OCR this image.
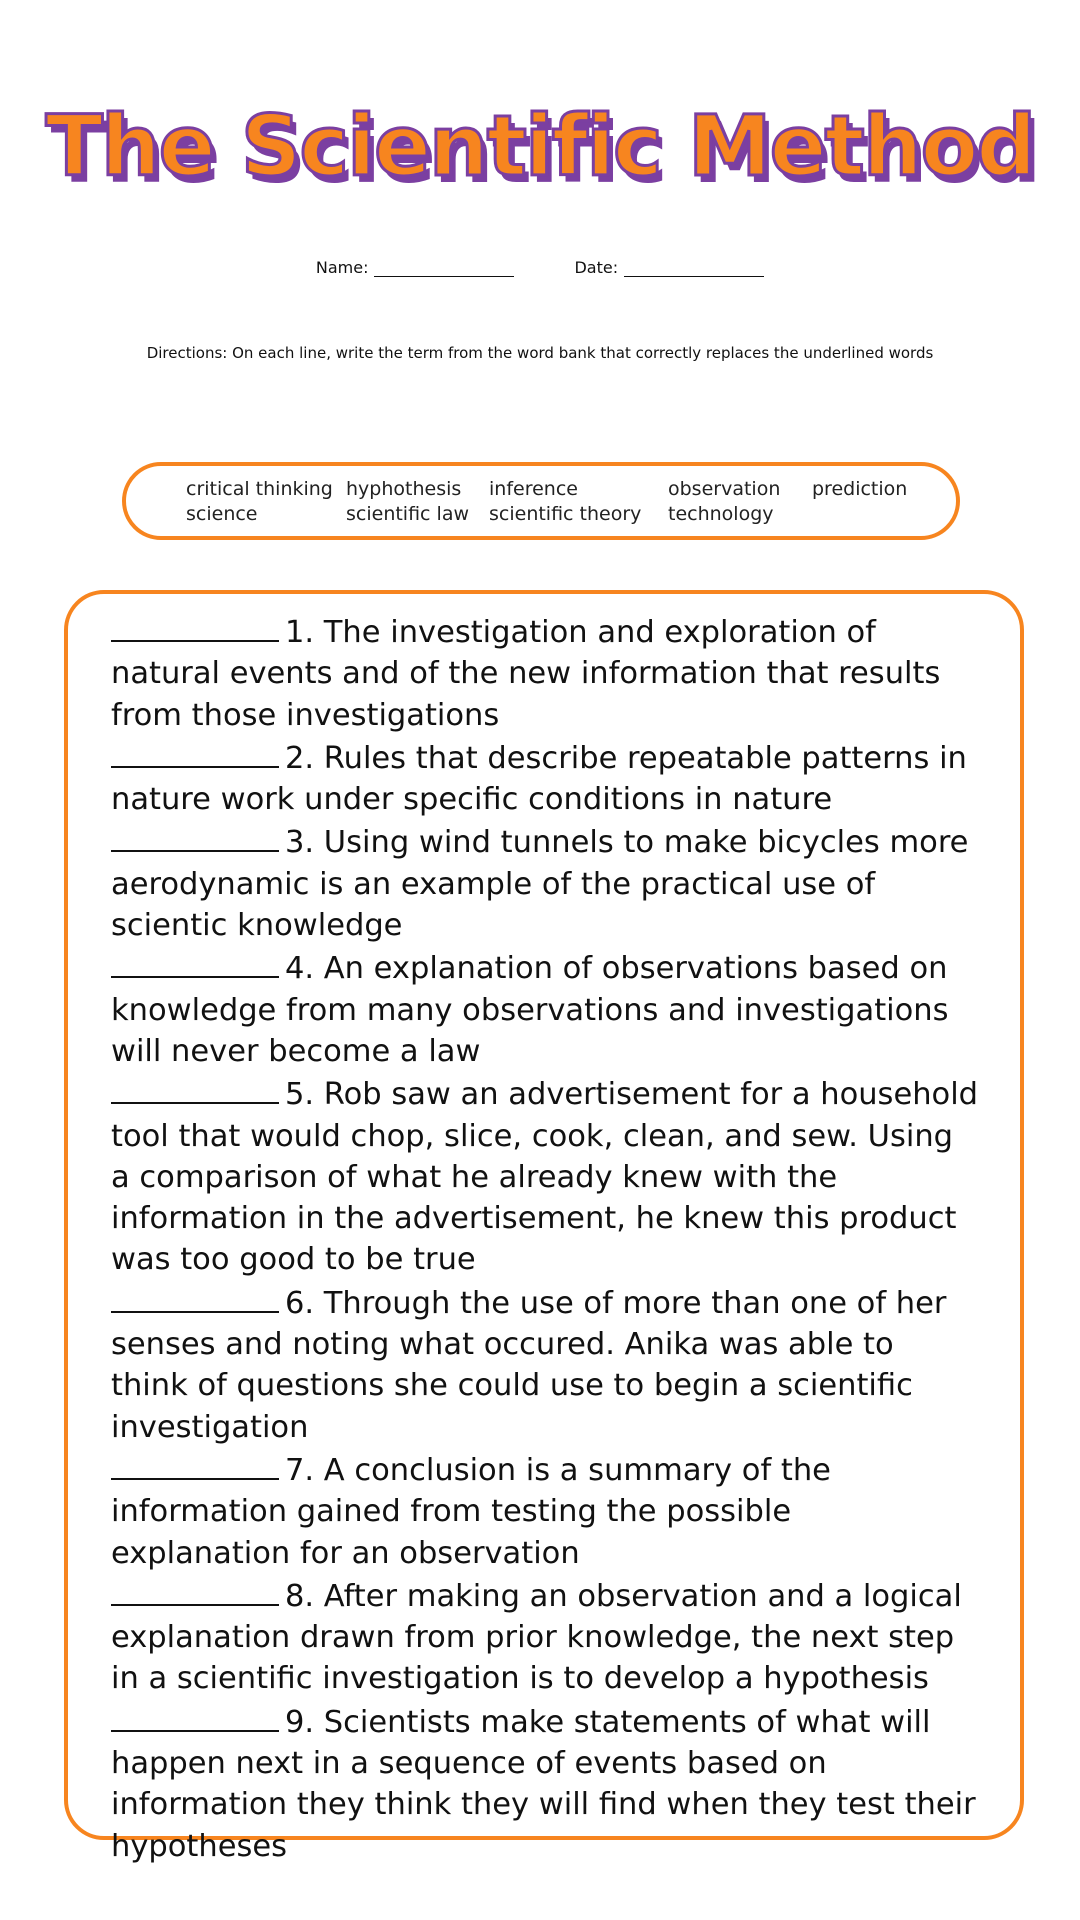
The Scientific Method
Name:	Date:
Directions: On each line, write the term from the word bank that correctly replaces the underlined words
critical thinking hyphothesis inference	observation prediction
science	scientific law scientific theory technology

1. The investigation and exploration of natural events and of the new information that results from those investigations

2. Rules that describe repeatable patterns in nature work under specific conditions in nature

3. Using wind tunnels to make bicycles more aerodynamic is an example of the practical use of scientic knowledge

4. An explanation of observations based on knowledge from many observations and investigations will never become a law

5. Rob saw an advertisement for a household tool that would chop, slice, cook, clean, and sew. Using a comparison of what he already knew with the information in the advertisement, he knew this product was too good to be true

6. Through the use of more than one of her senses and noting what occured. Anika was able to think of questions she could use to begin a scientific investigation

7. A conclusion is a summary of the information gained from testing the possible explanation for an observation

8. After making an observation and a logical explanation drawn from prior knowledge, the next step in a scientific investigation is to develop a hypothesis

9. Scientists make statements of what will happen next in a sequence of events based on information they think they will find when they test their hypotheses
